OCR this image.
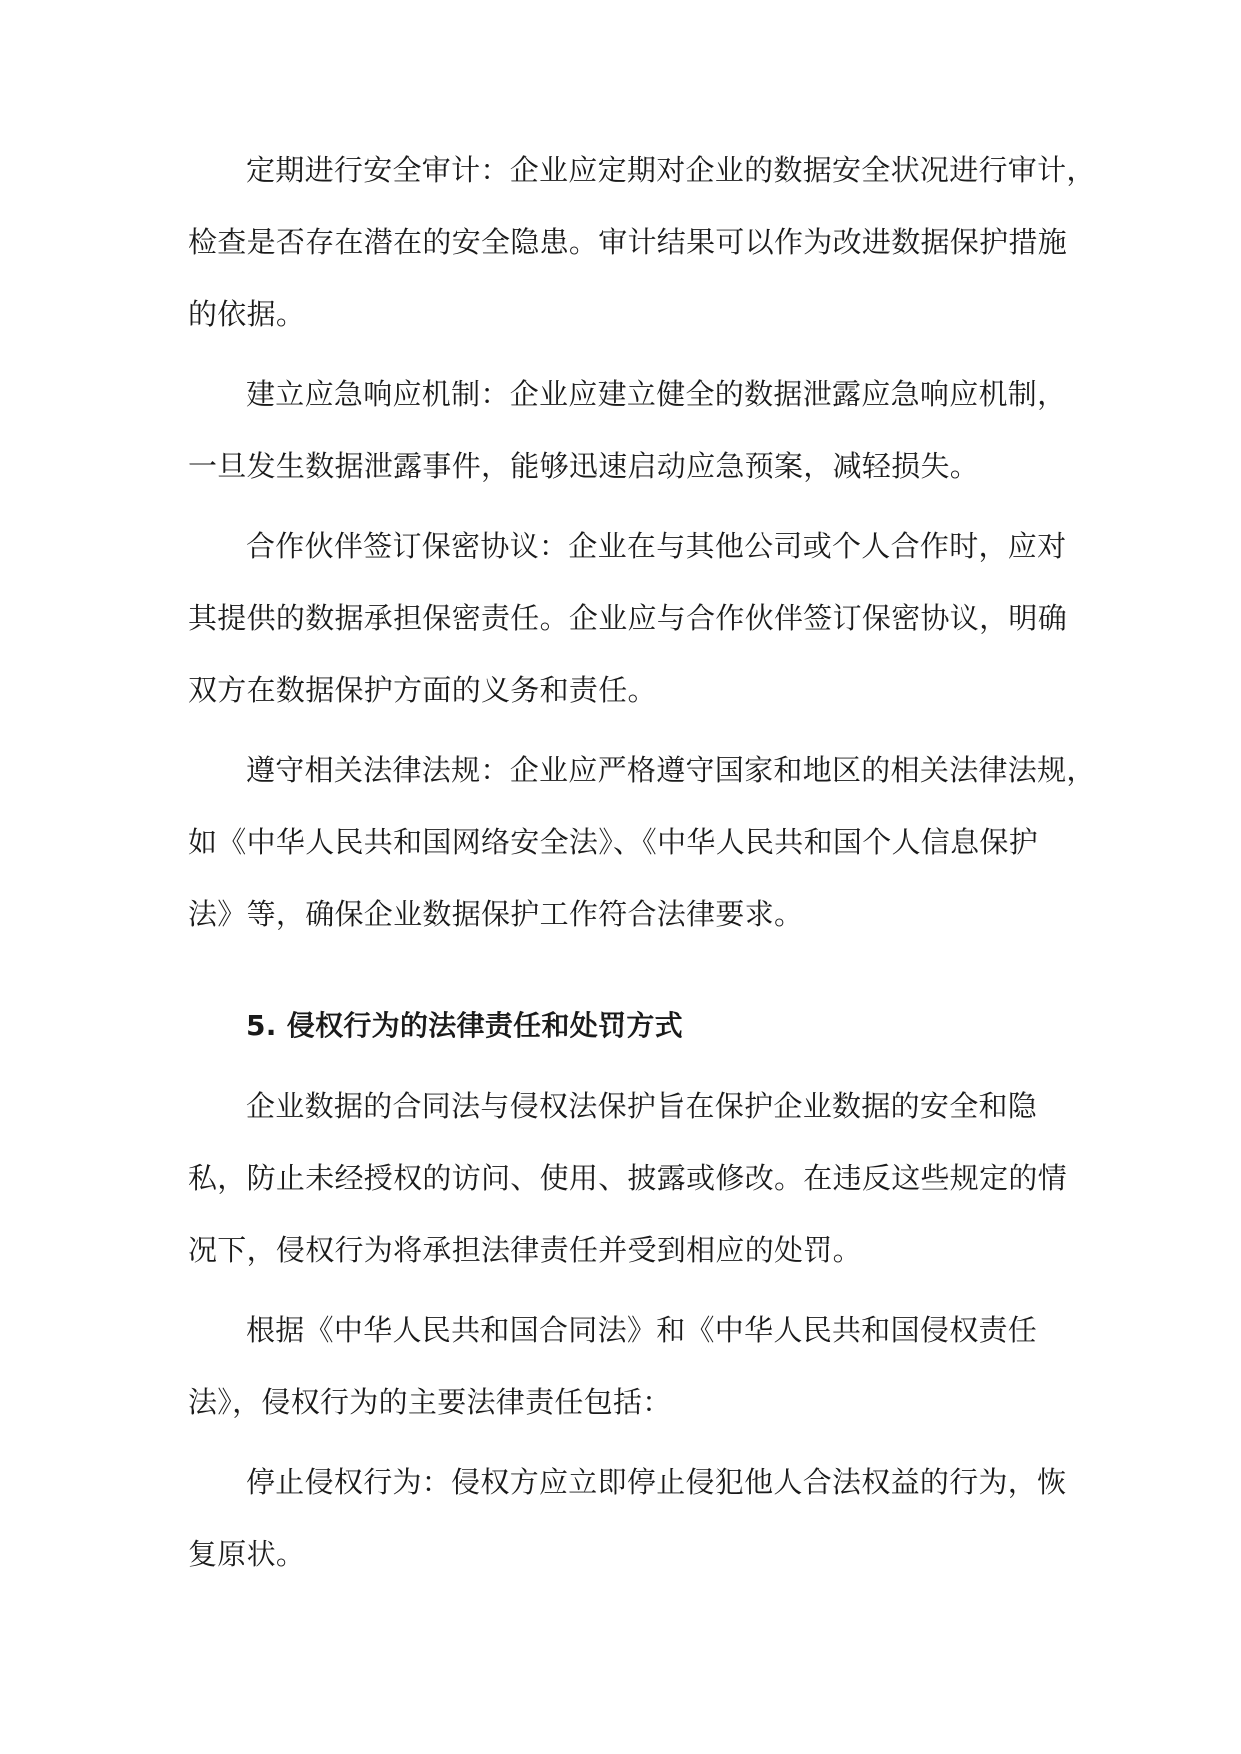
定期进行安全审计：企业应定期对企业的数据安全状况进行审计，
检查是否存在潜在的安全隐患。审计结果可以作为改进数据保护措施
的依据。
建立应急响应机制：企业应建立健全的数据泄露应急响应机制，
一旦发生数据泄露事件，能够迅速启动应急预案，减轻损失。
合作伙伴签订保密协议：企业在与其他公司或个人合作时，应对
其提供的数据承担保密责任。企业应与合作伙伴签订保密协议，明确
双方在数据保护方面的义务和责任。
遵守相关法律法规：企业应严格遵守国家和地区的相关法律法规，
如《中华人民共和国网络安全法》、《中华人民共和国个人信息保护
法》等，确保企业数据保护工作符合法律要求。
5. 侵权行为的法律责任和处罚方式
企业数据的合同法与侵权法保护旨在保护企业数据的安全和隐
私，防止未经授权的访问、使用、披露或修改。在违反这些规定的情
况下，侵权行为将承担法律责任并受到相应的处罚。
根据《中华人民共和国合同法》和《中华人民共和国侵权责任
法》，侵权行为的主要法律责任包括：
停止侵权行为：侵权方应立即停止侵犯他人合法权益的行为，恢
复原状。
